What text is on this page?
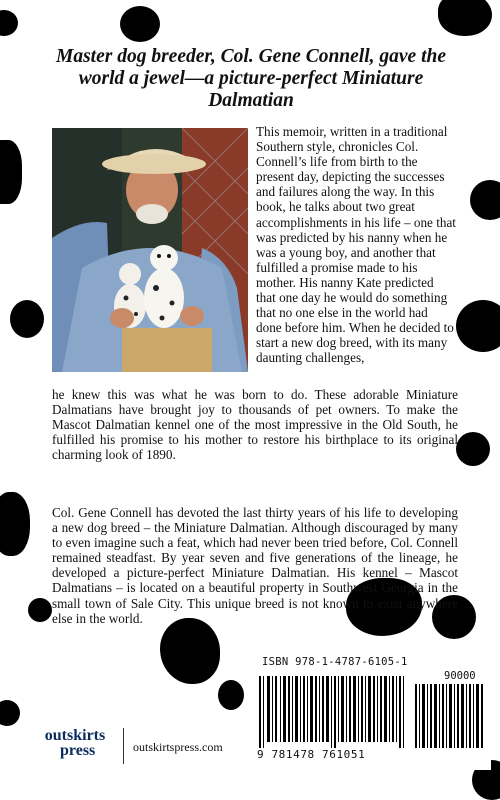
Master dog breeder, Col. Gene Connell, gave the world a jewel—a picture-perfect Miniature Dalmatian
This memoir, written in a traditional Southern style, chronicles Col. Connell’s life from birth to the present day, depicting the successes and failures along the way. In this book, he talks about two great accomplishments in his life – one that was predicted by his nanny when he was a young boy, and another that fulfilled a promise made to his mother. His nanny Kate predicted that one day he would do something that no one else in the world had done before him. When he decided to start a new dog breed, with its many daunting challenges,
he knew this was what he was born to do. These adorable Miniature Dalmatians have brought joy to thousands of pet owners. To make the Mascot Dalmatian kennel one of the most impressive in the Old South, he fulfilled his promise to his mother to restore his birthplace to its original charming look of 1890.
Col. Gene Connell has devoted the last thirty years of his life to developing a new dog breed – the Miniature Dalmatian. Although discouraged by many to even imagine such a feat, which had never been tried before, Col. Connell remained steadfast. By year seven and five generations of the lineage, he developed a picture-perfect Miniature Dalmatian. His kennel – Mascot Dalmatians – is located on a beautiful property in Southwest Georgia in the small town of Sale City. This unique breed is not known to exist anywhere else in the world.
ISBN 978-1-4787-6105-1
90000
9 781478 761051
outskirts
press	outskirtspress.com
